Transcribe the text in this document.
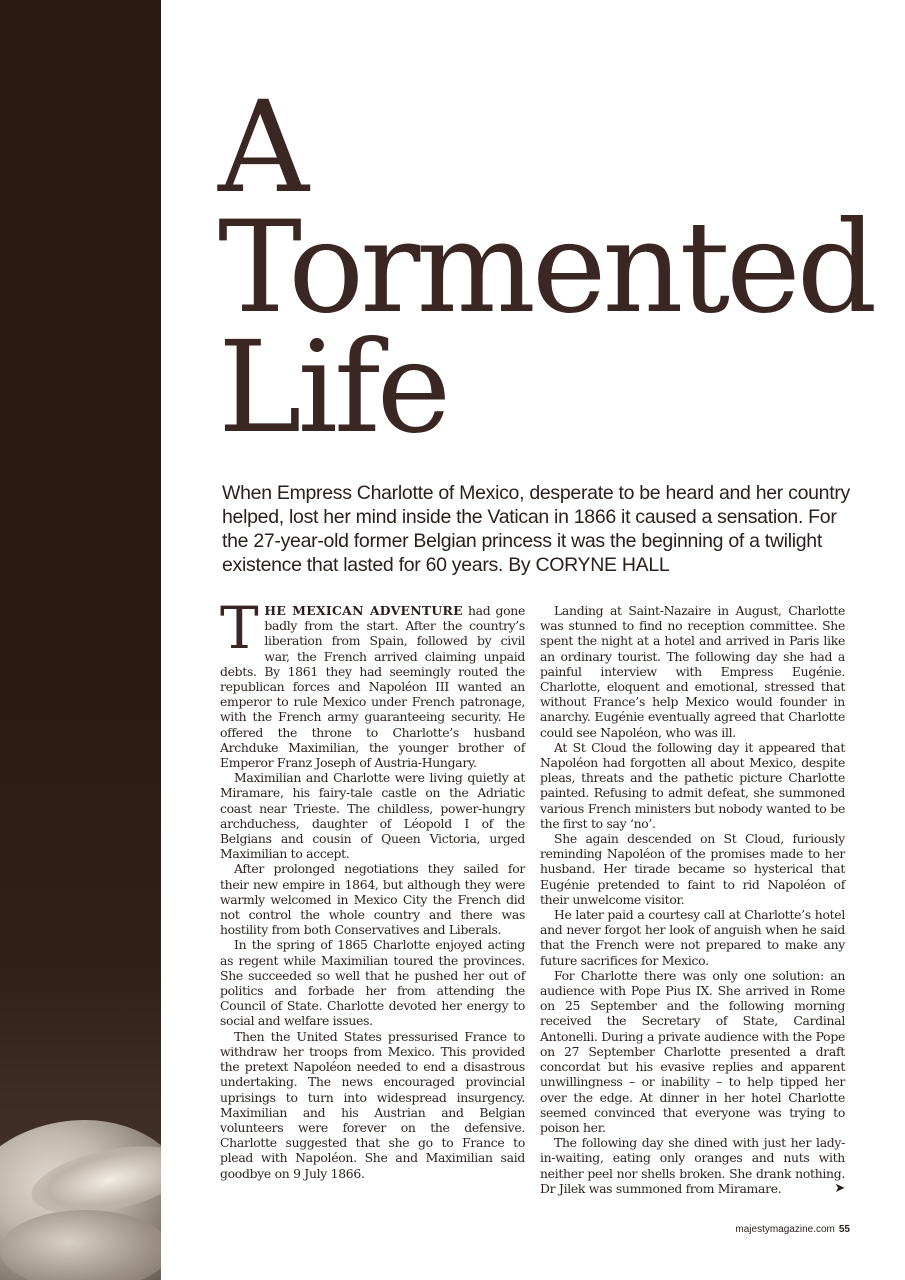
A
Tormented
Life

When Empress Charlotte of Mexico, desperate to be heard and her country helped, lost her mind inside the Vatican in 1866 it caused a sensation. For the 27-year-old former Belgian princess it was the beginning of a twilight existence that lasted for 60 years. By CORYNE HALL

THE MEXICAN ADVENTURE had gone badly from the start. After the country’s liberation from Spain, followed by civil war, the French arrived claiming unpaid debts. By 1861 they had seemingly routed the republican forces and Napoléon III wanted an emperor to rule Mexico under French patronage, with the French army guaranteeing security. He offered the throne to Charlotte’s husband Archduke Maximilian, the younger brother of Emperor Franz Joseph of Austria-Hungary.

Maximilian and Charlotte were living quietly at Miramare, his fairy-tale castle on the Adriatic coast near Trieste. The childless, power-hungry archduchess, daughter of Léopold I of the Belgians and cousin of Queen Victoria, urged Maximilian to accept.

After prolonged negotiations they sailed for their new empire in 1864, but although they were warmly welcomed in Mexico City the French did not control the whole country and there was hostility from both Conservatives and Liberals.

In the spring of 1865 Charlotte enjoyed acting as regent while Maximilian toured the provinces. She succeeded so well that he pushed her out of politics and forbade her from attending the Council of State. Charlotte devoted her energy to social and welfare issues.

Then the United States pressurised France to withdraw her troops from Mexico. This provided the pretext Napoléon needed to end a disastrous undertaking. The news encouraged provincial uprisings to turn into widespread insurgency. Maximilian and his Austrian and Belgian volunteers were forever on the defensive. Charlotte suggested that she go to France to plead with Napoléon. She and Maximilian said goodbye on 9 July 1866.

Landing at Saint-Nazaire in August, Charlotte was stunned to find no reception committee. She spent the night at a hotel and arrived in Paris like an ordinary tourist. The following day she had a painful interview with Empress Eugénie. Charlotte, eloquent and emotional, stressed that without France’s help Mexico would founder in anarchy. Eugénie eventually agreed that Charlotte could see Napoléon, who was ill.

At St Cloud the following day it appeared that Napoléon had forgotten all about Mexico, despite pleas, threats and the pathetic picture Charlotte painted. Refusing to admit defeat, she summoned various French ministers but nobody wanted to be the first to say ‘no’.

She again descended on St Cloud, furiously reminding Napoléon of the promises made to her husband. Her tirade became so hysterical that Eugénie pretended to faint to rid Napoléon of their unwelcome visitor.

He later paid a courtesy call at Charlotte’s hotel and never forgot her look of anguish when he said that the French were not prepared to make any future sacrifices for Mexico.

For Charlotte there was only one solution: an audience with Pope Pius IX. She arrived in Rome on 25 September and the following morning received the Secretary of State, Cardinal Antonelli. During a private audience with the Pope on 27 September Charlotte presented a draft concordat but his evasive replies and apparent unwillingness – or inability – to help tipped her over the edge. At dinner in her hotel Charlotte seemed convinced that everyone was trying to poison her.

The following day she dined with just her lady-in-waiting, eating only oranges and nuts with neither peel nor shells broken. She drank nothing. Dr Jilek was summoned from Miramare.	➤

majestymagazine.com 55
